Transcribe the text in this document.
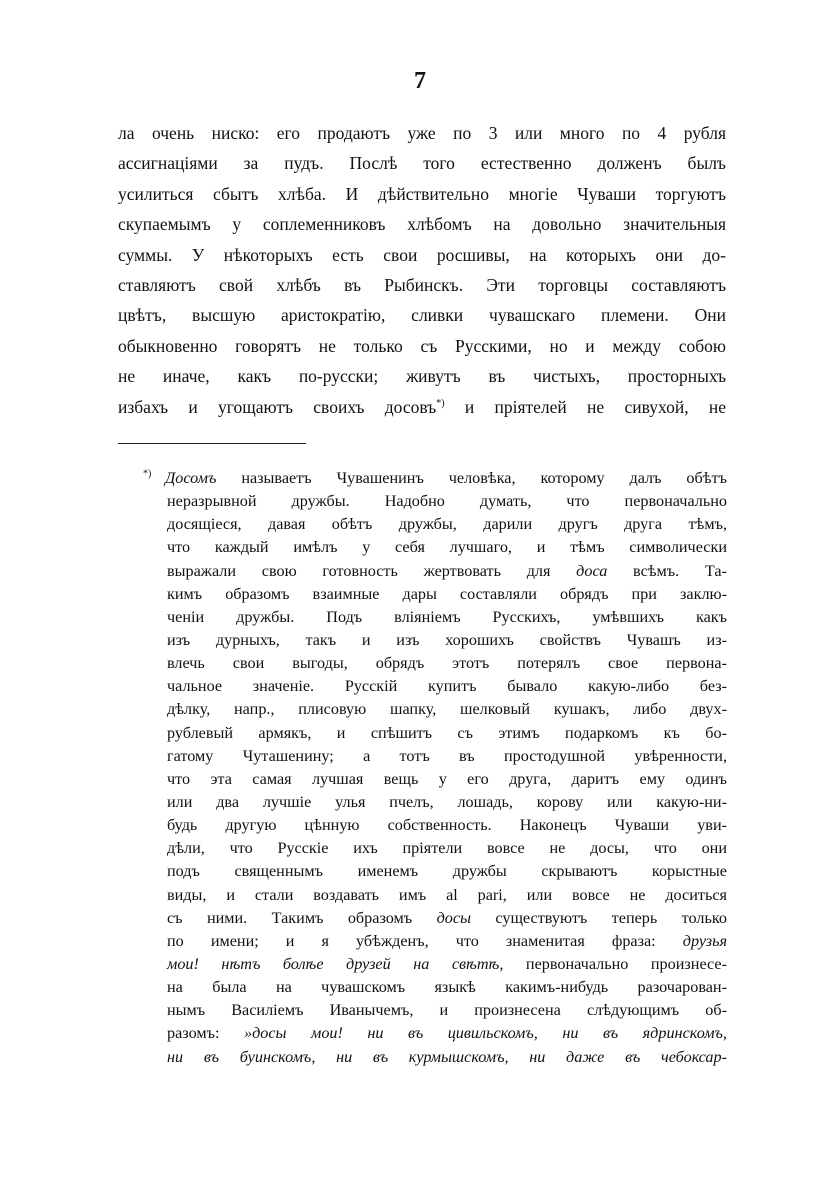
7
ла очень ниско: его продаютъ уже по 3 или много по 4 рубля
ассигнаціями за пудъ. Послѣ того естественно долженъ былъ
усилиться сбытъ хлѣба. И дѣйствительно многіе Чуваши торгуютъ
скупаемымъ у соплеменниковъ хлѣбомъ на довольно значительныя
суммы. У нѣкоторыхъ есть свои росшивы, на которыхъ они до-
ставляютъ свой хлѣбъ въ Рыбинскъ. Эти торговцы составляютъ
цвѣтъ, высшую аристократію, сливки чувашскаго племени. Они
обыкновенно говорятъ не только съ Русскими, но и между собою
не иначе, какъ по-русски; живутъ въ чистыхъ, просторныхъ
избахъ и угощаютъ своихъ досовъ*) и пріятелей не сивухой, не
*) Досомъ называетъ Чувашенинъ человѣка, которому далъ обѣтъ
неразрывной дружбы. Надобно думать, что первоначально
досящіеся, давая обѣтъ дружбы, дарили другъ друга тѣмъ,
что каждый имѣлъ у себя лучшаго, и тѣмъ символически
выражали свою готовность жертвовать для доса всѣмъ. Та-
кимъ образомъ взаимные дары составляли обрядъ при заклю-
ченіи дружбы. Подъ вліяніемъ Русскихъ, умѣвшихъ какъ
изъ дурныхъ, такъ и изъ хорошихъ свойствъ Чувашъ из-
влечь свои выгоды, обрядъ этотъ потерялъ свое первона-
чальное значеніе. Русскій купитъ бывало какую-либо без-
дѣлку, напр., плисовую шапку, шелковый кушакъ, либо двух-
рублевый армякъ, и спѣшитъ съ этимъ подаркомъ къ бо-
гатому Чуташенину; а тотъ въ простодушной увѣренности,
что эта самая лучшая вещь у его друга, даритъ ему одинъ
или два лучшіе улья пчелъ, лошадь, корову или какую-ни-
будь другую цѣнную собственность. Наконецъ Чуваши уви-
дѣли, что Русскіе ихъ пріятели вовсе не досы, что они
подъ священнымъ именемъ дружбы скрываютъ корыстные
виды, и стали воздавать имъ al pari, или вовсе не доситься
съ ними. Такимъ образомъ досы существуютъ теперь только
по имени; и я убѣжденъ, что знаменитая фраза: друзья
мои! нѣтъ болѣе друзей на свѣтѣ, первоначально произнесе-
на была на чувашскомъ языкѣ какимъ-нибудь разочарован-
нымъ Василіемъ Иванычемъ, и произнесена слѣдующимъ об-
разомъ: »досы мои! ни въ цивильскомъ, ни въ ядринскомъ,
ни въ буинскомъ, ни въ курмышскомъ, ни даже въ чебоксар-
